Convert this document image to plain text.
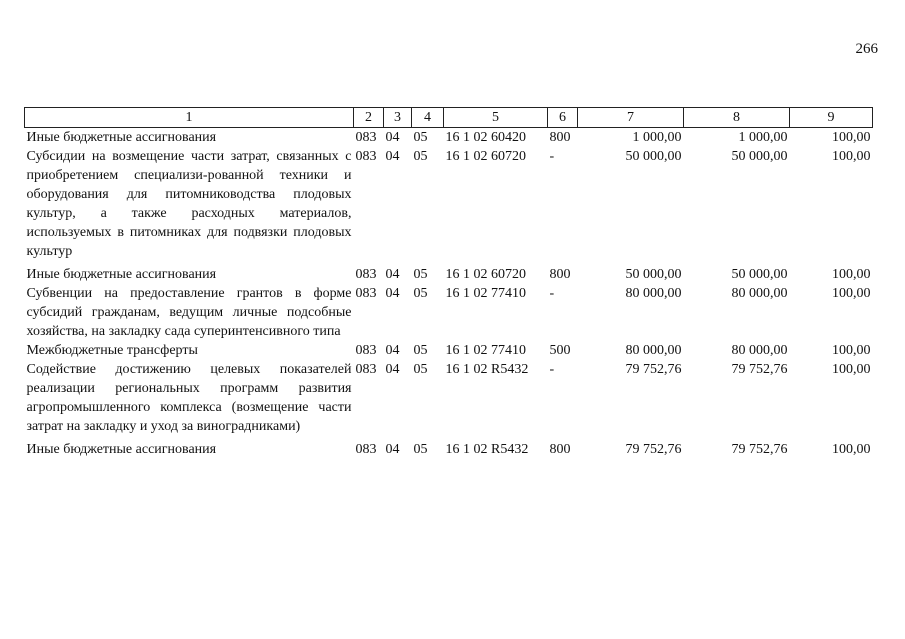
266
1	2	3	4	5	6	7	8	9
Иные бюджетные ассигнования	083	04	05	16 1 02 60420	800	1 000,00	1 000,00	100,00
Субсидии на возмещение части затрат, связанных с приобретением специализи-рованной техники и оборудования для питомниководства плодовых культур, а также расходных материалов, используемых в питомниках для подвязки плодовых культур	083	04	05	16 1 02 60720	-	50 000,00	50 000,00	100,00
Иные бюджетные ассигнования	083	04	05	16 1 02 60720	800	50 000,00	50 000,00	100,00
Субвенции на предоставление грантов в форме субсидий гражданам, ведущим личные подсобные хозяйства, на закладку сада суперинтенсивного типа	083	04	05	16 1 02 77410	-	80 000,00	80 000,00	100,00
Межбюджетные трансферты	083	04	05	16 1 02 77410	500	80 000,00	80 000,00	100,00
Содействие достижению целевых показателей реализации региональных программ развития агропромышленного комплекса (возмещение части затрат на закладку и уход за виноградниками)	083	04	05	16 1 02 R5432	-	79 752,76	79 752,76	100,00
Иные бюджетные ассигнования	083	04	05	16 1 02 R5432	800	79 752,76	79 752,76	100,00
